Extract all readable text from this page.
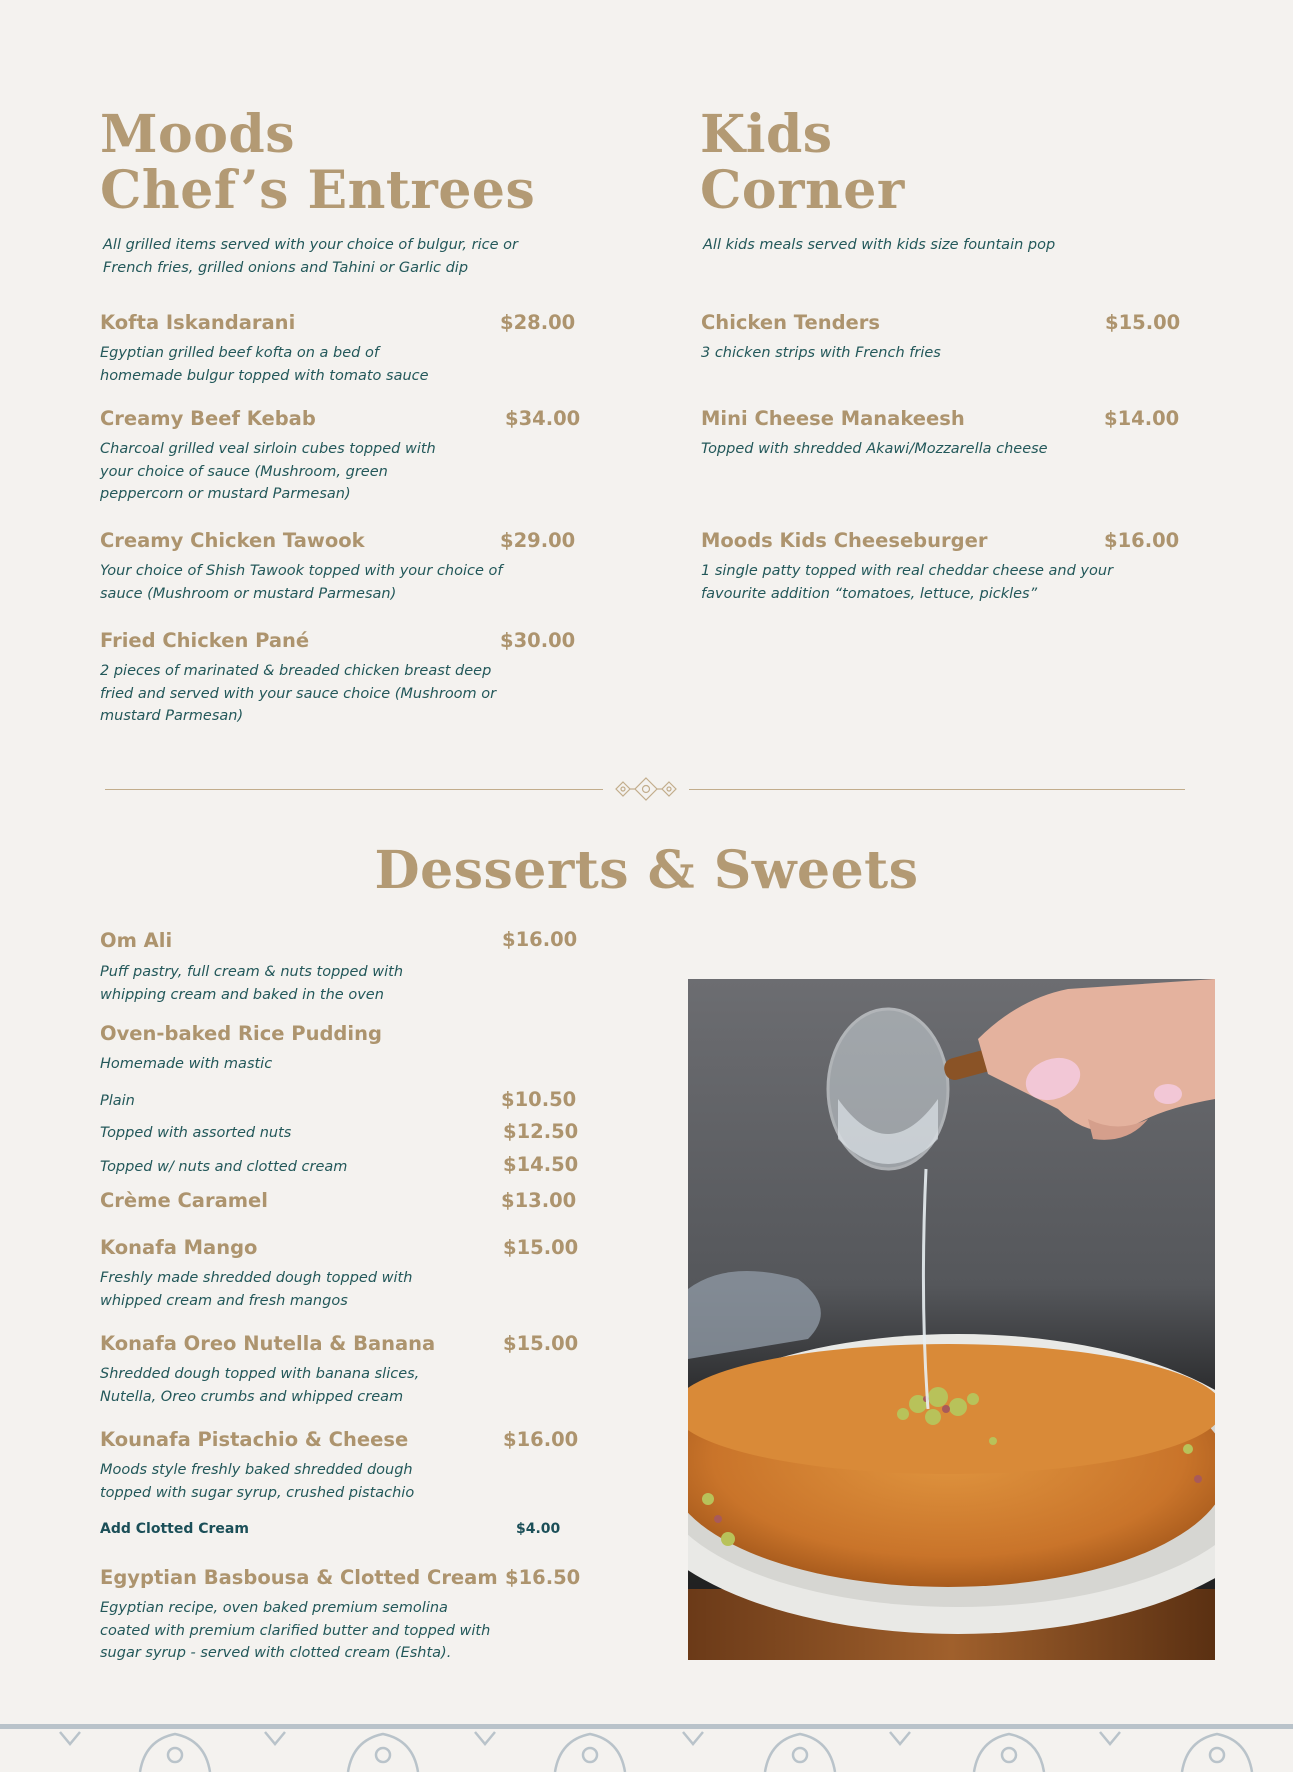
Moods
Chef’s Entrees
All grilled items served with your choice of bulgur, rice or French fries, grilled onions and Tahini or Garlic dip
Kofta Iskandarani	$28.00
Egyptian grilled beef kofta on a bed of homemade bulgur topped with tomato sauce
Creamy Beef Kebab	$34.00
Charcoal grilled veal sirloin cubes topped with your choice of sauce (Mushroom, green peppercorn or mustard Parmesan)
Creamy Chicken Tawook	$29.00
Your choice of Shish Tawook topped with your choice of sauce (Mushroom or mustard Parmesan)
Fried Chicken Pané	$30.00
2 pieces of marinated & breaded chicken breast deep fried and served with your sauce choice (Mushroom or mustard Parmesan)
Kids
Corner
All kids meals served with kids size fountain pop
Chicken Tenders	$15.00
3 chicken strips with French fries
Mini Cheese Manakeesh	$14.00
Topped with shredded Akawi/Mozzarella cheese
Moods Kids Cheeseburger	$16.00
1 single patty topped with real cheddar cheese and your favourite addition “tomatoes, lettuce, pickles”
Desserts & Sweets
Om Ali	$16.00
Puff pastry, full cream & nuts topped with whipping cream and baked in the oven
Oven-baked Rice Pudding
Homemade with mastic
Plain	$10.50
Topped with assorted nuts	$12.50
Topped w/ nuts and clotted cream	$14.50
Crème Caramel	$13.00
Konafa Mango	$15.00
Freshly made shredded dough topped with whipped cream and fresh mangos
Konafa Oreo Nutella & Banana	$15.00
Shredded dough topped with banana slices, Nutella, Oreo crumbs and whipped cream
Kounafa Pistachio & Cheese	$16.00
Moods style freshly baked shredded dough topped with sugar syrup, crushed pistachio
Add Clotted Cream	$4.00
Egyptian Basbousa & Clotted Cream $16.50
Egyptian recipe, oven baked premium semolina coated with premium clarified butter and topped with sugar syrup - served with clotted cream (Eshta).
